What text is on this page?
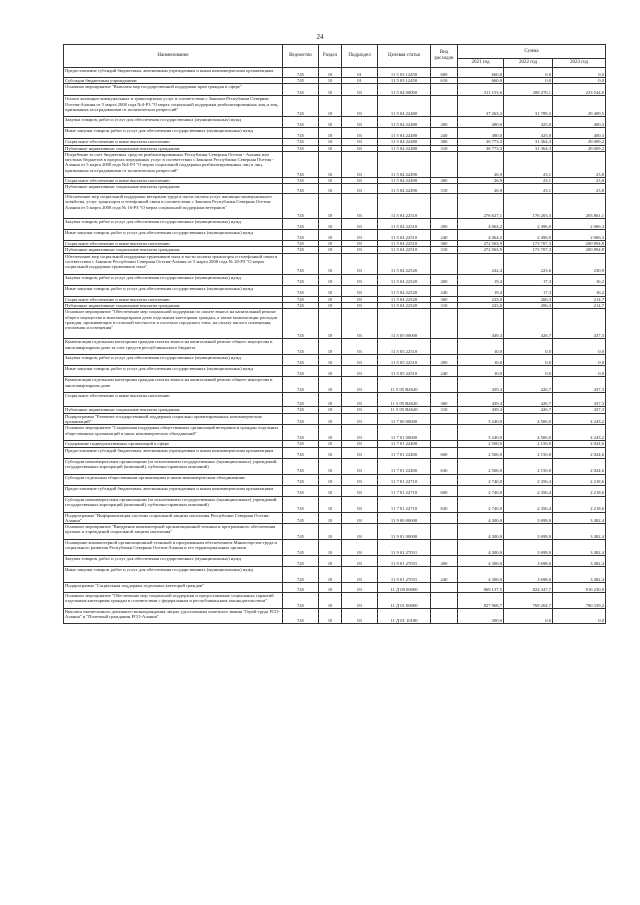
24
Наименование	Ведомство	Раздел	Подраздел	Целевая статья	Вид расходов	Сумма		
						2021 год	2022 год	2023 год
Предоставление субсидий бюджетным, автономным учреждениям и иным некоммерческим организациям	745	10	01	11 5 03 12450	600	660,0	0,0	0,0
Субсидии бюджетным учреждениям	745	10	01	11 5 03 12450	610	660,0	0,0	0,0
Основное мероприятие "Выплаты мер государственной поддержки прав граждан в сфере"	745	10	03	11 5 04 00000		311 153,6	208 270,1	233 544,0
Оплата жилищно-коммунальных и транспортных услуг в соответствии с Законом Республики Северная Осетия-Алания от 5 марта 2008 года №4-РЗ "О мерах социальной поддержки реабилитированных лиц и лиц, признанных пострадавшими от политических репрессий"	745	10	03	11 5 04 22480		37 263,3	31 789,3	29 409,5
Закупка товаров, работ и услуг для обеспечения государственных (муниципальных) нужд	745	10	03	11 5 04 22480	200	490,0	425,0	400,3
Иные закупки товаров, работ и услуг для обеспечения государственных (муниципальных) нужд	745	10	03	11 5 04 22480	240	490,0	425,0	400,3
Социальное обеспечение и иные выплаты населению	745	10	03	11 5 04 22480	300	36 773,3	31 364,3	29 009,2
Публичные нормативные социальные выплаты гражданам	745	10	03	11 5 04 22480	310	36 773,3	31 364,3	29 009,2
Погребение за счет бюджетных средств реабилитированных Республики Северная Осетия - Алания или местных бюджетов в пределах переданных услуг в соответствии с Законом Республики Северная Осетия - Алания от 5 марта 2008 года №4-РЗ "О мерах социальной поддержки реабилитированных лиц и лиц, признанных пострадавшими от политических репрессий"	745	10	03	11 5 04 22490		26,9	23,1	23,8
Социальное обеспечение и иные выплаты населению	745	10	03	11 5 04 22490	300	26,9	23,1	23,8
Публичные нормативные социальные выплаты гражданам	745	10	03	11 5 04 22490	310	26,9	23,1	23,8
Обеспечение мер социальной поддержки ветеранов труда в части оплаты услуг жилищно-коммунального хозяйства, услуг транспорта и телефонной связи в соответствии с Законом Республики Северная Осетия-Алания от 5 марта 2008 года № 16-РЗ "О мерах социальной поддержки ветеранов"	745	10	03	11 5 04 22510		276 627,1	176 203,3	203 861,1
Закупка товаров, работ и услуг для обеспечения государственных (муниципальных) нужд	745	10	03	11 5 04 22510	200	4 064,2	2 496,0	2 066,3
Иные закупки товаров, работ и услуг для обеспечения государственных (муниципальных) нужд	745	10	03	11 5 04 22510	240	4 064,2	2 496,0	2 066,3
Социальное обеспечение и иные выплаты населению	745	10	03	11 5 04 22510	300	272 563,9	173 707,3	200 894,8
Публичные нормативные социальные выплаты гражданам	745	10	03	11 5 04 22510	310	272 563,9	173 707,3	200 894,8
Обеспечение мер социальной поддержки тружеников тыла в части оплаты транспорта и телефонной связи в соответствии с Законом Республики Северная Осетия-Алания от 5 марта 2008 года № 20-РЗ "О мерах социальной поддержки тружеников тыла"	745	10	03	11 5 04 22520		242,4	223,6	230,9
Закупка товаров, работ и услуг для обеспечения государственных (муниципальных) нужд	745	10	03	11 5 04 22520	200	19,4	17,3	16,2
Иные закупки товаров, работ и услуг для обеспечения государственных (муниципальных) нужд	745	10	03	11 5 04 22520	240	19,4	17,3	16,2
Социальное обеспечение и иные выплаты населению	745	10	03	11 5 04 22520	300	223,0	206,3	214,7
Публичные нормативные социальные выплаты гражданам	745	10	03	11 5 04 22520	310	223,0	206,3	214,7
Основное мероприятие "Обеспечение мер социальной поддержки по оплате взноса на капитальный ремонт общего имущества в многоквартирном доме отдельным категориям граждан, а также компенсации расходов граждан, проживающих в сельской местности и поселках городского типа, на оплату жилого помещения, отопления и освещения"	745	10	03	11 5 05 00000		449,4	426,7	437,3
Компенсация отдельным категориям граждан оплаты взноса на капитальный ремонт общего имущества в многоквартирном доме за счет средств республиканского бюджета	745	10	03	11 5 05 22510		10,0	0,0	0,0
Закупка товаров, работ и услуг для обеспечения государственных (муниципальных) нужд	745	10	03	11 5 05 22510	200	10,0	0,0	0,0
Иные закупки товаров, работ и услуг для обеспечения государственных (муниципальных) нужд	745	10	03	11 5 05 22510	240	10,0	0,0	0,0
Компенсация отдельным категориям граждан оплаты взноса на капитальный ремонт общего имущества в многоквартирном доме	745	10	03	11 5 05 R4620		439,4	426,7	437,3
Социальное обеспечение и иные выплаты населению	745	10	03	11 5 05 R4620	300	439,4	426,7	437,3
Публичные нормативные социальные выплаты гражданам	745	10	03	11 5 05 R4620	310	439,4	426,7	437,3
Подпрограмма "Развитие государственной поддержки социально ориентированных некоммерческих организаций"	745	10	03	11 7 00 00000		5 240,0	4 506,0	4 243,2
Основное мероприятие "Социальная поддержка общественных организаций ветеранов и граждан отдельных общественных организаций и иных некоммерческих объединений"	745	10	03	11 7 01 00000		5 240,0	4 506,0	4 243,2
Содержание подведомственных организаций в сфере	745	10	03	11 7 01 22400		2 500,0	2 150,0	2 024,6
Предоставление субсидий бюджетным, автономным учреждениям и иным некоммерческим организациям	745	10	03	11 7 01 22400	600	2 500,0	2 150,0	2 024,6
Субсидии некоммерческим организациям (за исключением государственных (муниципальных) учреждений, государственных корпораций (компаний), публично-правовых компаний)	745	10	03	11 7 01 22400	630	2 500,0	2 150,0	2 024,6
Субсидии отдельным общественным организациям и иным некоммерческим объединениям	745	10	03	11 7 01 22710		2 740,0	2 356,4	2 218,6
Предоставление субсидий бюджетным, автономным учреждениям и иным некоммерческим организациям	745	10	03	11 7 01 22710	600	2 740,0	2 356,4	2 218,6
Субсидии некоммерческим организациям (за исключением государственных (муниципальных) учреждений, государственных корпораций (компаний), публично-правовых компаний)	745	10	03	11 7 01 22710	630	2 740,0	2 356,4	2 218,6
Подпрограмма "Информатизация системы социальной защиты населения Республики Северная Осетия-Алания"	745	10	03	11 9 00 00000		4 300,0	3 698,0	3 482,4
Основное мероприятие "Внедрение компьютерной организационной техники и программного обеспечения органов и учреждений социальной защиты населения"	745	10	03	11 9 01 00000		4 300,0	3 698,0	3 482,4
Оснащение компьютерной организационной техникой и программным обеспечением Министерства труда и социального развития Республики Северная Осетия-Алания и его территориальных органов	745	10	03	11 9 01 27031		4 300,0	3 698,0	3 482,4
Закупка товаров, работ и услуг для обеспечения государственных (муниципальных) нужд	745	10	03	11 9 01 27031	200	4 300,0	3 698,0	3 482,4
Иные закупки товаров, работ и услуг для обеспечения государственных (муниципальных) нужд	745	10	03	11 9 01 27031	240	4 300,0	3 698,0	3 482,4
Подпрограмма "Социальная поддержка отдельных категорий граждан"	745	10	03	11 Д 00 00000		869 137,5	824 347,7	816 230,0
Основное мероприятие "Обеспечение мер социальной поддержки и предоставление социальных гарантий отдельным категориям граждан в соответствии с федеральным и республиканским законодательством"	745	10	03	11 Д 01 00000		827 968,7	769 204,7	780 339,2
Выплата ежемесячного денежного вознаграждения лицам, удостоенным почетного звания "Герой труда РСО-Алания" и "Почетный гражданин РСО-Алания"	745	10	03	11 Д 01 10180		300,0	0,0	0,0
